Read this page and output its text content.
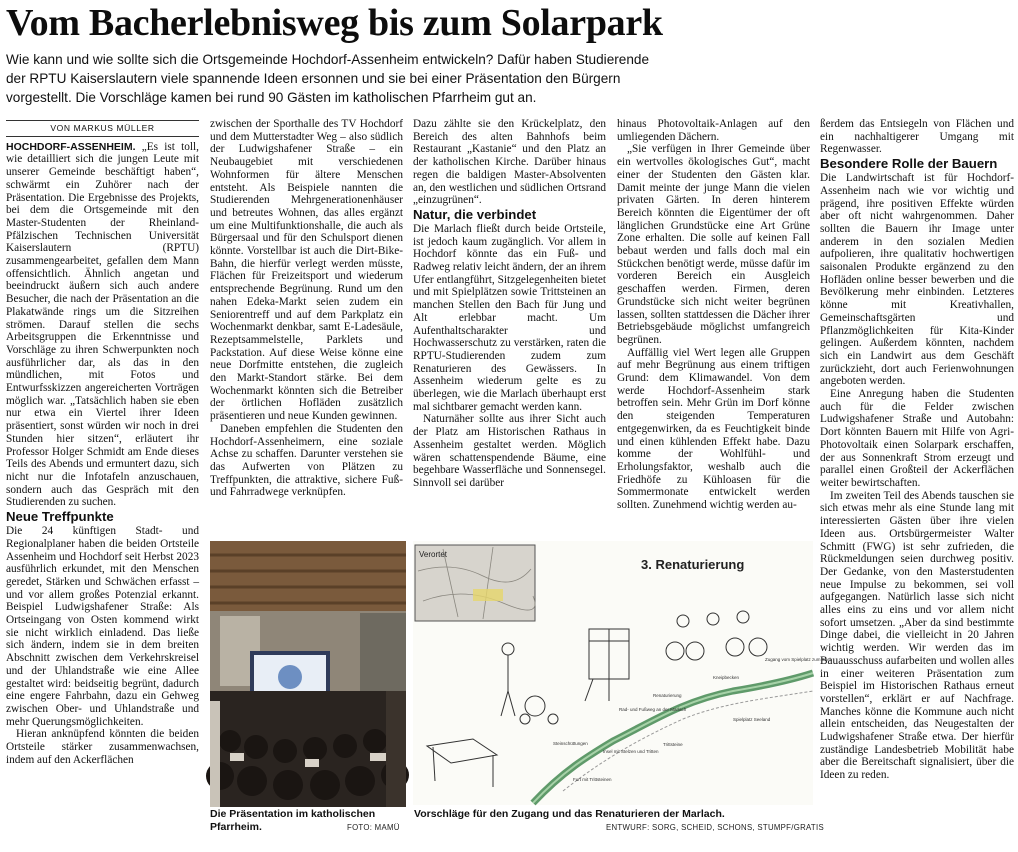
Vom Bacherlebnisweg bis zum Solarpark

Wie kann und wie sollte sich die Ortsgemeinde Hochdorf-Assenheim entwickeln? Dafür haben Studierende der RPTU Kaiserslautern viele spannende Ideen ersonnen und sie bei einer Präsentation den Bürgern vorgestellt. Die Vorschläge kamen bei rund 90 Gästen im katholischen Pfarrheim gut an.

VON MARKUS MÜLLER

HOCHDORF-ASSENHEIM. „Es ist toll, wie detailliert sich die jungen Leute mit unserer Gemeinde beschäftigt haben“, schwärmt ein Zuhörer nach der Präsentation. Die Ergebnisse des Projekts, bei dem die Ortsgemeinde mit den Master-Studenten der Rheinland-Pfälzischen Technischen Universität Kaiserslautern (RPTU) zusammengearbeitet, gefallen dem Mann offensichtlich. Ähnlich angetan und beeindruckt äußern sich auch andere Besucher, die nach der Präsentation an die Plakatwände rings um die Sitzreihen strömen. Darauf stellen die sechs Arbeitsgruppen die Erkenntnisse und Vorschläge zu ihren Schwerpunkten noch ausführlicher dar, als das in den mündlichen, mit Fotos und Entwurfsskizzen angereicherten Vorträgen möglich war. „Tatsächlich haben sie eben nur etwa ein Viertel ihrer Ideen präsentiert, sonst würden wir noch in drei Stunden hier sitzen“, erläutert ihr Professor Holger Schmidt am Ende dieses Teils des Abends und ermuntert dazu, sich nicht nur die Infotafeln anzuschauen, sondern auch das Gespräch mit den Studierenden zu suchen.

Neue Treffpunkte

Die 24 künftigen Stadt- und Regionalplaner haben die beiden Ortsteile Assenheim und Hochdorf seit Herbst 2023 ausführlich erkundet, mit den Menschen geredet, Stärken und Schwächen erfasst – und vor allem großes Potenzial erkannt. Beispiel Ludwigshafener Straße: Als Ortseingang von Osten kommend wirkt sie nicht wirklich einladend. Das ließe sich ändern, indem sie in dem breiten Abschnitt zwischen dem Verkehrskreisel und der Uhlandstraße wie eine Allee gestaltet wird: beidseitig begrünt, dadurch eine engere Fahrbahn, dazu ein Gehweg zwischen Ober- und Uhlandstraße und mehr Querungsmöglichkeiten.

Hieran anknüpfend könnten die beiden Ortsteile stärker zusammenwachsen, indem auf den Ackerflächen

zwischen der Sporthalle des TV Hochdorf und dem Mutterstadter Weg – also südlich der Ludwigshafener Straße – ein Neubaugebiet mit verschiedenen Wohnformen für ältere Menschen entsteht. Als Beispiele nannten die Studierenden Mehrgenerationenhäuser und betreutes Wohnen, das alles ergänzt um eine Multifunktionshalle, die auch als Bürgersaal und für den Schulsport dienen könnte. Vorstellbar ist auch die Dirt-Bike-Bahn, die hierfür verlegt werden müsste, Flächen für Freizeitsport und wiederum entsprechende Begrünung. Rund um den nahen Edeka-Markt seien zudem ein Seniorentreff und auf dem Parkplatz ein Wochenmarkt denkbar, samt E-Ladesäule, Rezeptsammelstelle, Parklets und Packstation. Auf diese Weise könne eine neue Dorfmitte entstehen, die zugleich den Markt-Standort stärke. Bei dem Wochenmarkt könnten sich die Betreiber der örtlichen Hofläden zusätzlich präsentieren und neue Kunden gewinnen.

Daneben empfehlen die Studenten den Hochdorf-Assenheimern, eine soziale Achse zu schaffen. Darunter verstehen sie das Aufwerten von Plätzen zu Treffpunkten, die attraktive, sichere Fuß- und Fahrradwege verknüpfen.

Dazu zählte sie den Krückelplatz, den Bereich des alten Bahnhofs beim Restaurant „Kastanie“ und den Platz an der katholischen Kirche. Darüber hinaus regen die baldigen Master-Absolventen an, den westlichen und südlichen Ortsrand „einzugrünen“.

Natur, die verbindet

Die Marlach fließt durch beide Ortsteile, ist jedoch kaum zugänglich. Vor allem in Hochdorf könnte das ein Fuß- und Radweg relativ leicht ändern, der an ihrem Ufer entlangführt, Sitzgelegenheiten bietet und mit Spielplätzen sowie Trittsteinen an manchen Stellen den Bach für Jung und Alt erlebbar macht. Um Aufenthaltscharakter und Hochwasserschutz zu verstärken, raten die RPTU-Studierenden zudem zum Renaturieren des Gewässers. In Assenheim wiederum gelte es zu überlegen, wie die Marlach überhaupt erst mal sichtbarer gemacht werden kann.

Naturnäher sollte aus ihrer Sicht auch der Platz am Historischen Rathaus in Assenheim gestaltet werden. Möglich wären schattenspendende Bäume, eine begehbare Wasserfläche und Sonnensegel. Sinnvoll sei darüber

hinaus Photovoltaik-Anlagen auf den umliegenden Dächern.

„Sie verfügen in Ihrer Gemeinde über ein wertvolles ökologisches Gut“, macht einer der Studenten den Gästen klar. Damit meinte der junge Mann die vielen privaten Gärten. In deren hinterem Bereich könnten die Eigentümer der oft länglichen Grundstücke eine Art Grüne Zone erhalten. Die solle auf keinen Fall bebaut werden und falls doch mal ein Stückchen benötigt werde, müsse dafür im vorderen Bereich ein Ausgleich geschaffen werden. Firmen, deren Grundstücke sich nicht weiter begrünen lassen, sollten stattdessen die Dächer ihrer Betriebsgebäude möglichst umfangreich begrünen.

Auffällig viel Wert legen alle Gruppen auf mehr Begrünung aus einem triftigen Grund: dem Klimawandel. Von dem werde Hochdorf-Assenheim stark betroffen sein. Mehr Grün im Dorf könne den steigenden Temperaturen entgegenwirken, da es Feuchtigkeit binde und einen kühlenden Effekt habe. Dazu komme der Wohlfühl- und Erholungsfaktor, weshalb auch die Friedhöfe zu Kühloasen für die Sommermonate entwickelt werden sollten. Zunehmend wichtig werden au-

ßerdem das Entsiegeln von Flächen und ein nachhaltigerer Umgang mit Regenwasser.

Besondere Rolle der Bauern

Die Landwirtschaft ist für Hochdorf-Assenheim nach wie vor wichtig und prägend, ihre positiven Effekte würden aber oft nicht wahrgenommen. Daher sollten die Bauern ihr Image unter anderem in den sozialen Medien aufpolieren, ihre qualitativ hochwertigen saisonalen Produkte ergänzend zu den Hofläden online besser bewerben und die Bevölkerung mehr einbinden. Letzteres könne mit Kreativhallen, Gemeinschaftsgärten und Pflanzmöglichkeiten für Kita-Kinder gelingen. Außerdem könnten, nachdem sich ein Landwirt aus dem Geschäft zurückzieht, dort auch Ferienwohnungen angeboten werden.

Eine Anregung haben die Studenten auch für die Felder zwischen Ludwigshafener Straße und Autobahn: Dort könnten Bauern mit Hilfe von Agri-Photovoltaik einen Solarpark erschaffen, der aus Sonnenkraft Strom erzeugt und parallel einen Großteil der Ackerflächen weiter bewirtschaften.

Im zweiten Teil des Abends tauschen sie sich etwas mehr als eine Stunde lang mit interessierten Gästen über ihre vielen Ideen aus. Ortsbürgermeister Walter Schmitt (FWG) ist sehr zufrieden, die Rückmeldungen seien durchweg positiv. Der Gedanke, von den Masterstudenten neue Impulse zu bekommen, sei voll aufgegangen. Natürlich lasse sich nicht alles eins zu eins und vor allem nicht sofort umsetzen. „Aber da sind bestimmte Dinge dabei, die vielleicht in 20 Jahren wichtig werden. Wir werden das im Bauausschuss aufarbeiten und wollen alles in einer weiteren Präsentation zum Beispiel im Historischen Rathaus erneut vorstellen“, erklärt er auf Nachfrage. Manches könne die Kommune auch nicht allein entscheiden, das Neugestalten der Ludwigshafener Straße etwa. Der hierfür zuständige Landesbetrieb Mobilität habe aber die Bereitschaft signalisiert, über die Ideen zu reden.

Die Präsentation im katholischen Pfarrheim.	FOTO: MAMÜ
Verortet
3. Renaturierung
Zugang vom Spielplatz zum Bach
Kneipbecken
Rad- und Fußweg an der Marlach
Insel mit Stelzen und Tritten
Trittsteine
Furt mit Trittsteinen
Steinschüttungen
Spielplatz Seeland
Renaturierung
Vorschläge für den Zugang und das Renaturieren der Marlach.
ENTWURF: SORG, SCHEID, SCHONS, STUMPF/GRATIS
